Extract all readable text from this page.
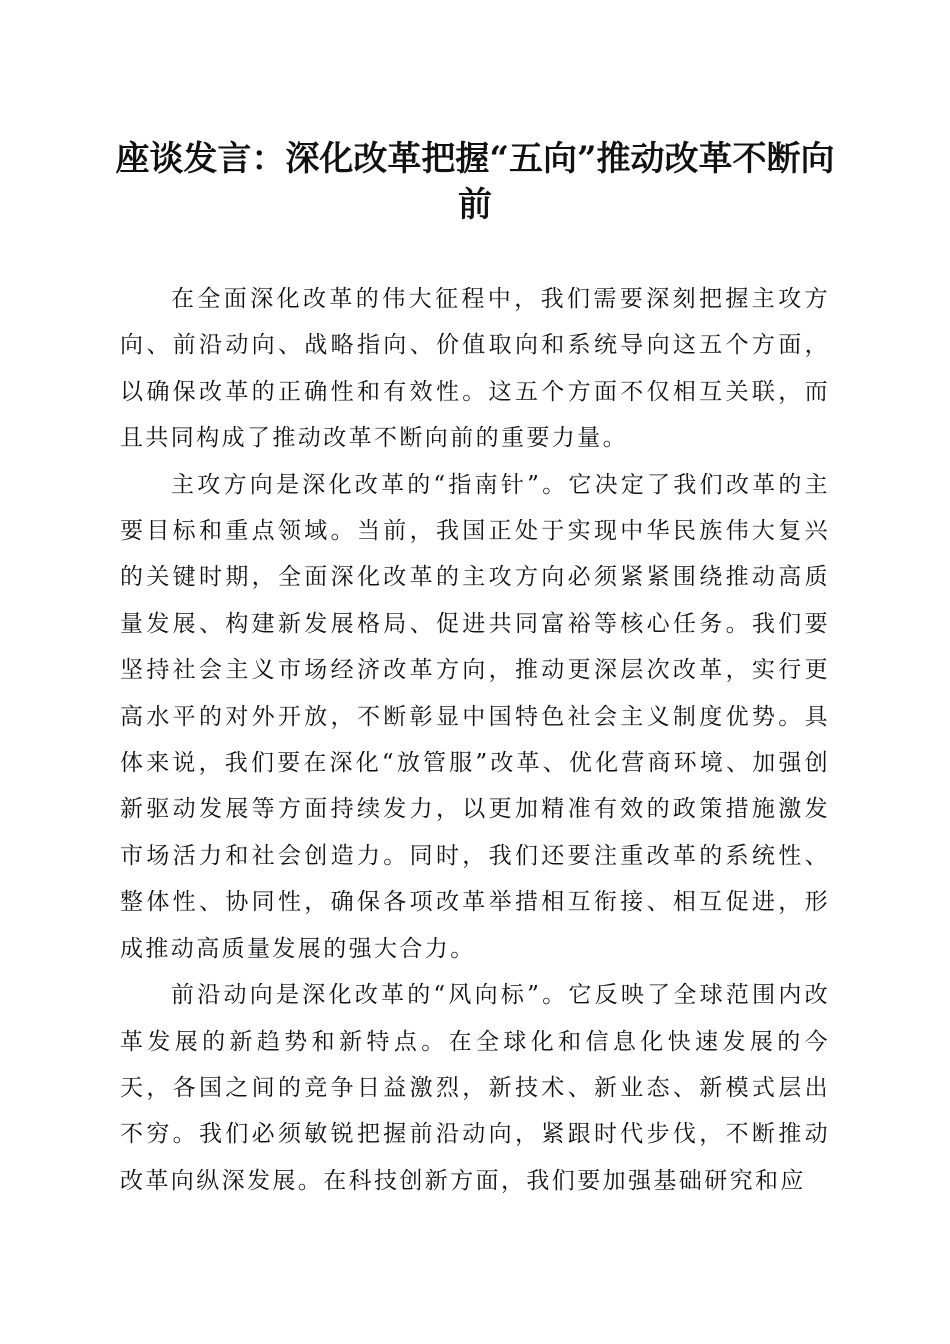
座谈发言：深化改革把握“五向”推动改革不断向前

在全面深化改革的伟大征程中，我们需要深刻把握主攻方向、前沿动向、战略指向、价值取向和系统导向这五个方面，以确保改革的正确性和有效性。这五个方面不仅相互关联，而且共同构成了推动改革不断向前的重要力量。

主攻方向是深化改革的“指南针”。它决定了我们改革的主要目标和重点领域。当前，我国正处于实现中华民族伟大复兴的关键时期，全面深化改革的主攻方向必须紧紧围绕推动高质量发展、构建新发展格局、促进共同富裕等核心任务。我们要坚持社会主义市场经济改革方向，推动更深层次改革，实行更高水平的对外开放，不断彰显中国特色社会主义制度优势。具体来说，我们要在深化“放管服”改革、优化营商环境、加强创新驱动发展等方面持续发力，以更加精准有效的政策措施激发市场活力和社会创造力。同时，我们还要注重改革的系统性、整体性、协同性，确保各项改革举措相互衔接、相互促进，形成推动高质量发展的强大合力。

前沿动向是深化改革的“风向标”。它反映了全球范围内改革发展的新趋势和新特点。在全球化和信息化快速发展的今天，各国之间的竞争日益激烈，新技术、新业态、新模式层出不穷。我们必须敏锐把握前沿动向，紧跟时代步伐，不断推动改革向纵深发展。在科技创新方面，我们要加强基础研究和应
